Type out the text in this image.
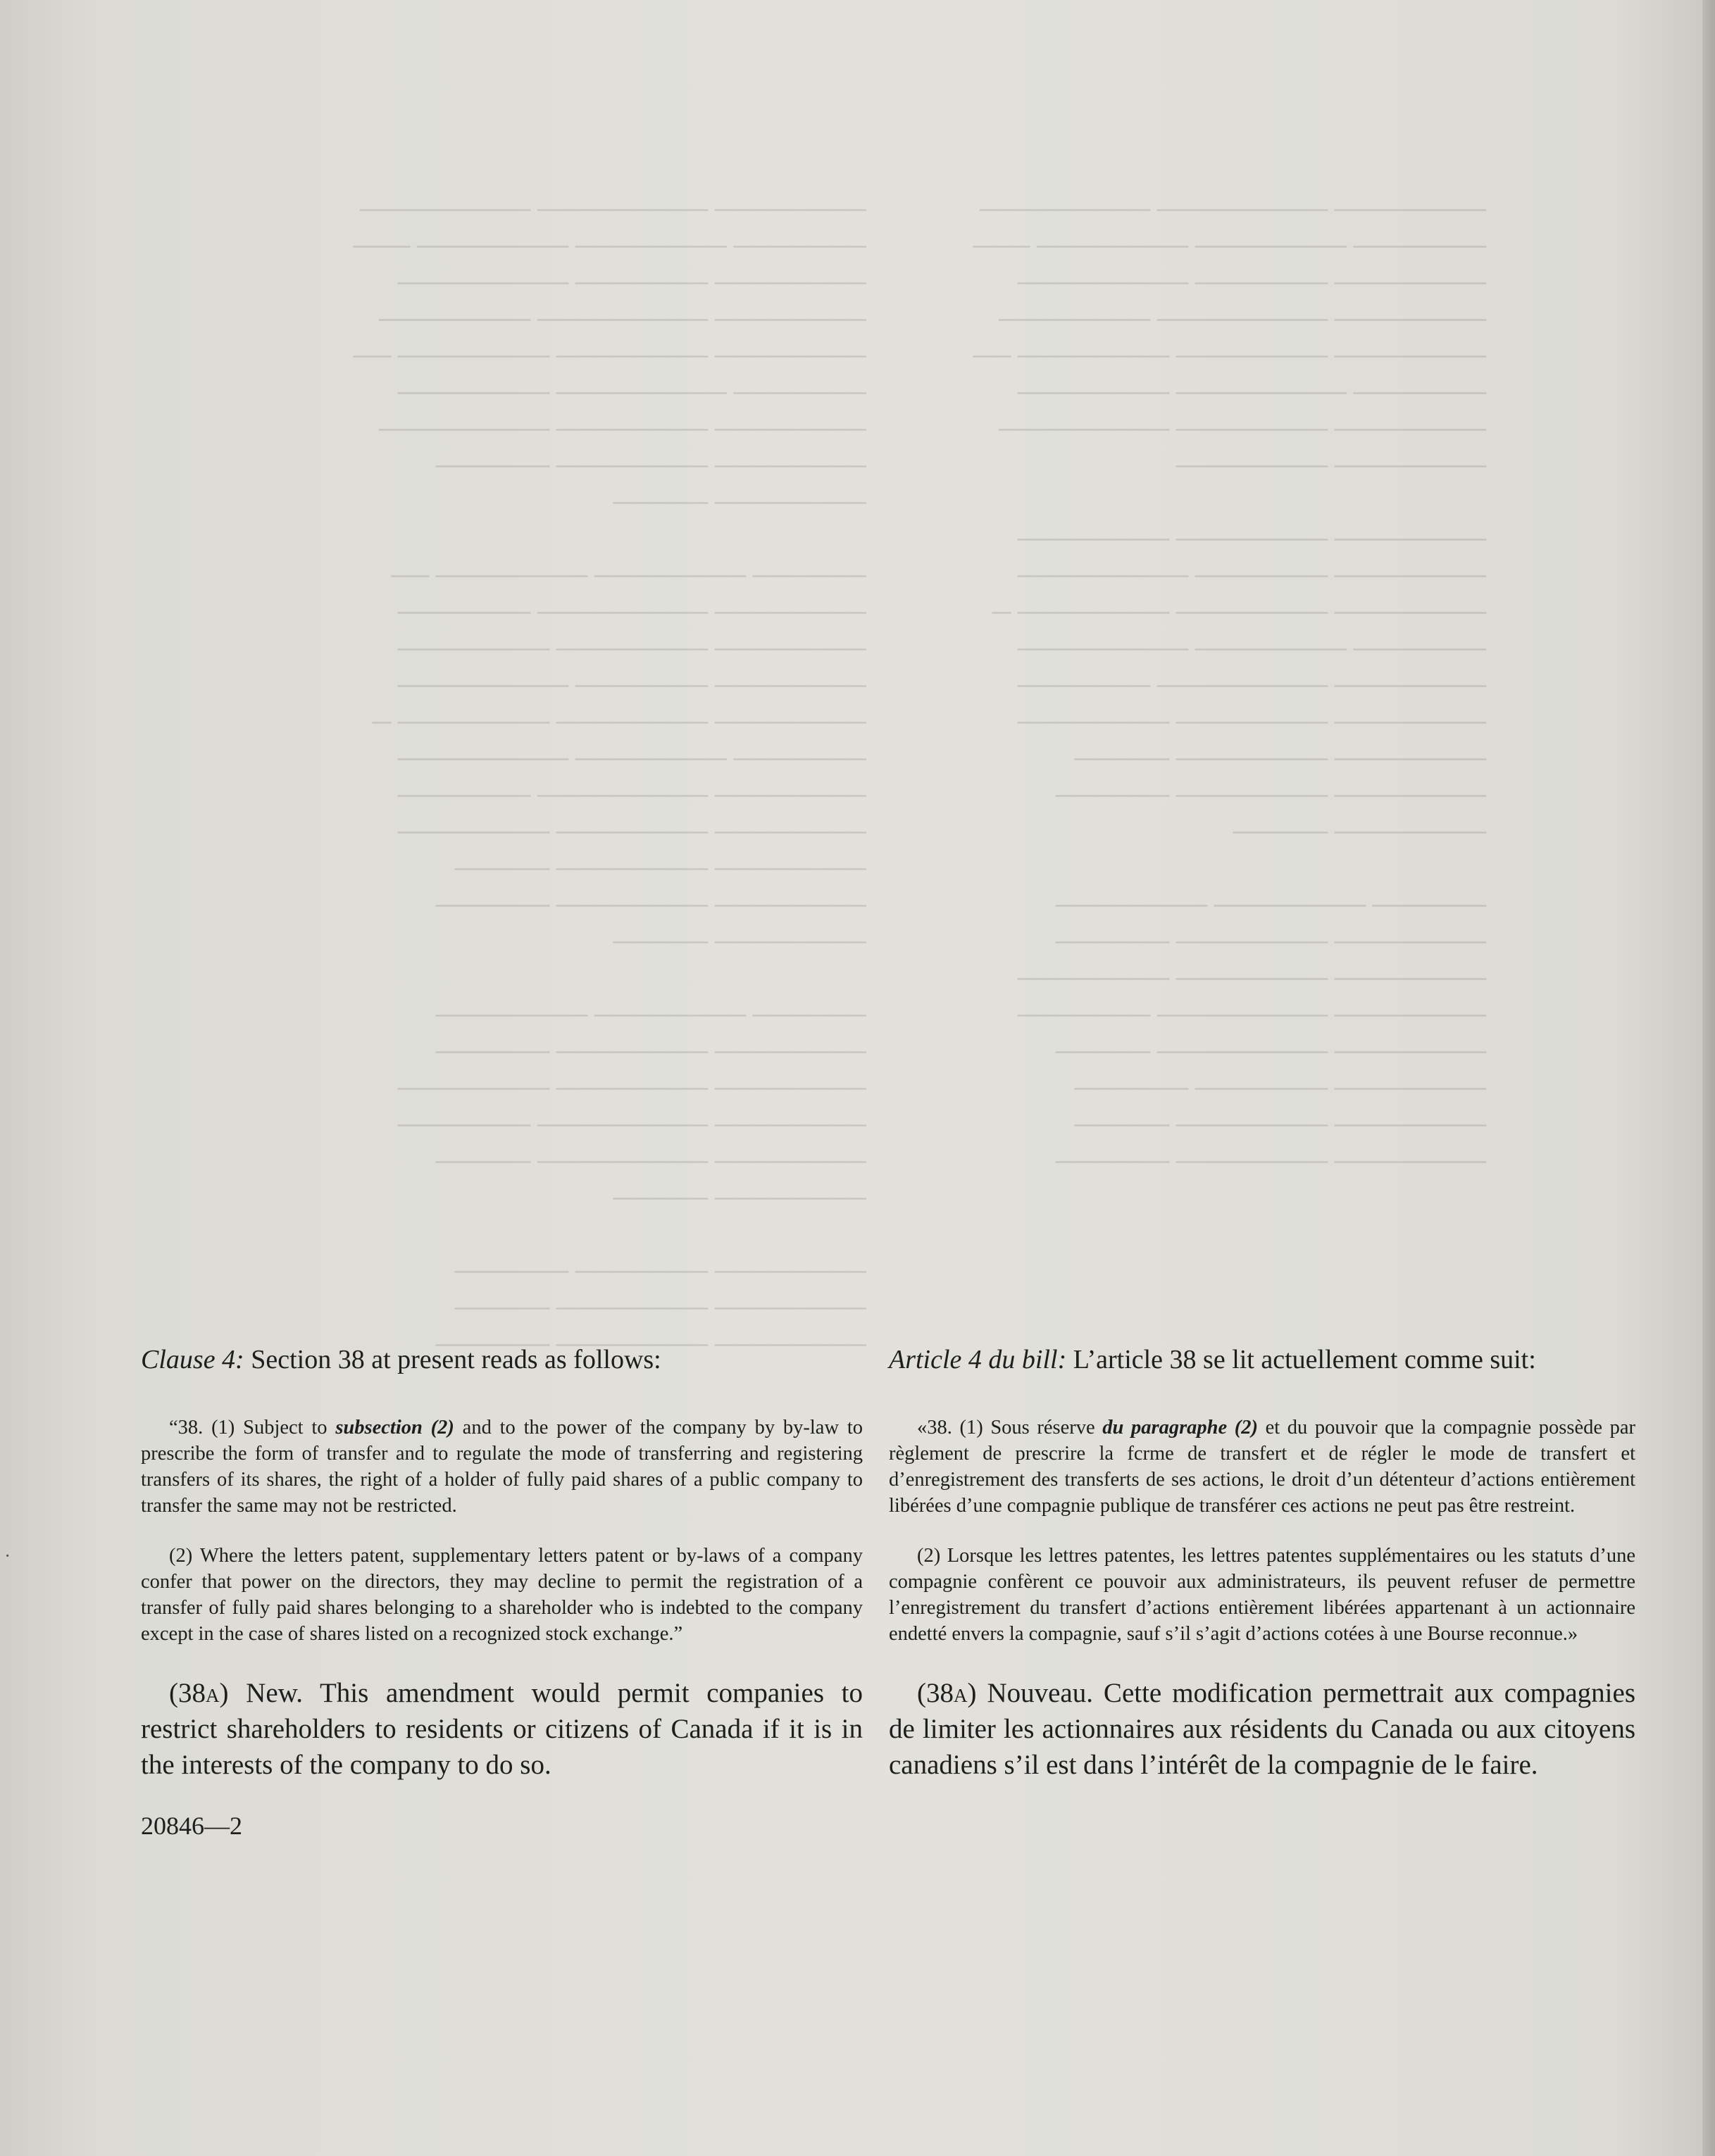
──────── ───────── ─────────
─────── ──────── ──────── ───
──────── ─────── ─────────
──────── ───────── ────────
──────── ──────── ──────── ──
─────── ───────── ────────
──────── ──────── ─────────
──────── ──────── ──────
──────── ─────

────── ──────── ──────── ──
──────── ───────── ───────
──────── ──────── ────────
──────── ─────── ─────────
──────── ──────── ──────── ─
─────── ──────── ─────────
──────── ───────── ───────
──────── ──────── ────────
──────── ──────── ─────
──────── ──────── ──────
──────── ─────

────── ──────── ────────
──────── ──────── ──────
──────── ──────── ────────
──────── ───────── ───────
──────── ───────── ─────
──────── ─────

──────── ─────── ──────
──────── ──────── ─────
──────── ──────── ──────

──────── ───────── ─────────
─────── ──────── ──────── ───
──────── ─────── ─────────
──────── ───────── ────────
──────── ──────── ──────── ──
─────── ───────── ────────
──────── ──────── ─────────
──────── ────────

──────── ──────── ────────
──────── ─────── ─────────
──────── ──────── ──────── ─
─────── ──────── ─────────
──────── ───────── ───────
──────── ──────── ────────
──────── ──────── ─────
──────── ──────── ──────
──────── ─────

────── ──────── ────────
──────── ──────── ──────
──────── ──────── ────────
──────── ───────── ───────
──────── ───────── ─────
──────── ─────── ──────
──────── ──────── ─────
──────── ──────── ──────

·

Clause 4: Section 38 at present reads as follows:

“38. (1) Subject to subsection (2) and to the power of the company by by-law to prescribe the form of transfer and to regulate the mode of transferring and registering transfers of its shares, the right of a holder of fully paid shares of a public company to transfer the same may not be restricted.

(2) Where the letters patent, supplementary letters patent or by-laws of a company confer that power on the directors, they may decline to permit the registration of a transfer of fully paid shares belonging to a shareholder who is indebted to the company except in the case of shares listed on a recognized stock exchange.”

(38a) New. This amendment would permit companies to restrict shareholders to residents or citizens of Canada if it is in the interests of the company to do so.

20846—2

Article 4 du bill: L’article 38 se lit actuellement comme suit:

«38. (1) Sous réserve du paragraphe (2) et du pouvoir que la compagnie possède par règlement de prescrire la fcrme de transfert et de régler le mode de transfert et d’enregistrement des transferts de ses actions, le droit d’un détenteur d’actions entièrement libérées d’une compagnie publique de transférer ces actions ne peut pas être restreint.

(2) Lorsque les lettres patentes, les lettres patentes supplémentaires ou les statuts d’une compagnie confèrent ce pouvoir aux administrateurs, ils peuvent refuser de permettre l’enregistrement du transfert d’actions entièrement libérées appartenant à un actionnaire endetté envers la compagnie, sauf s’il s’agit d’actions cotées à une Bourse reconnue.»

(38a) Nouveau. Cette modification permettrait aux compagnies de limiter les actionnaires aux résidents du Canada ou aux citoyens canadiens s’il est dans l’intérêt de la compagnie de le faire.
